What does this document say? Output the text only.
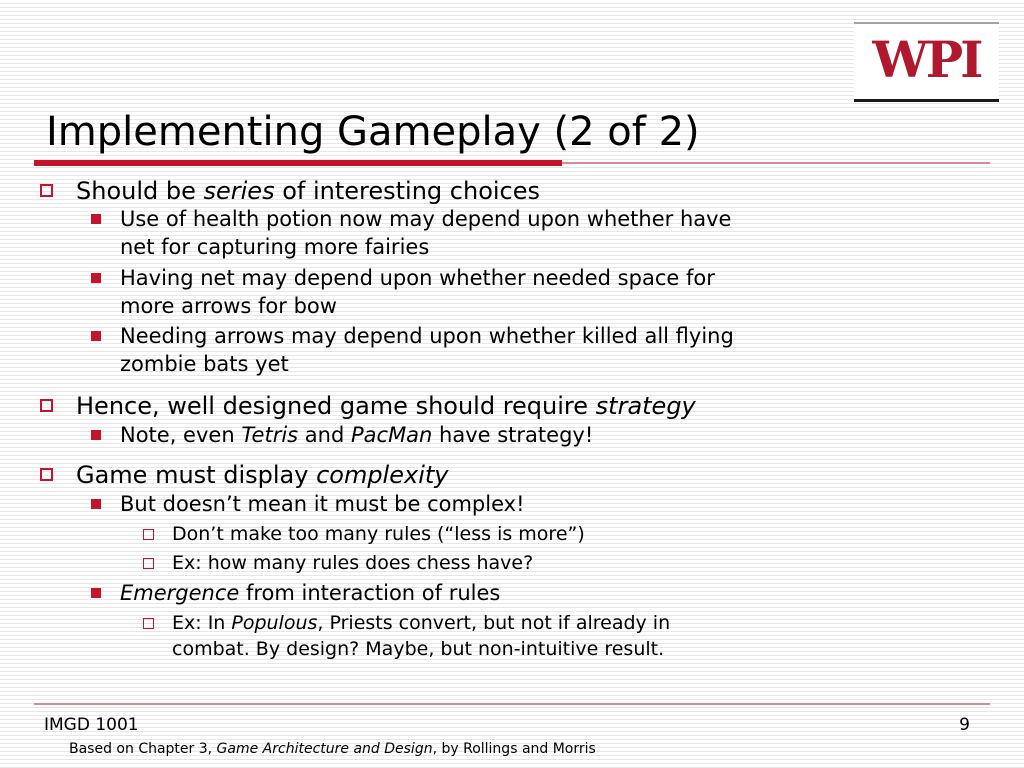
WPI
Implementing Gameplay (2 of 2)
Should be series of interesting choices
Use of health potion now may depend upon whether have
net for capturing more fairies
Having net may depend upon whether needed space for
more arrows for bow
Needing arrows may depend upon whether killed all flying
zombie bats yet
Hence, well designed game should require strategy
Note, even Tetris and PacMan have strategy!
Game must display complexity
But doesn’t mean it must be complex!
Don’t make too many rules (“less is more”)
Ex: how many rules does chess have?
Emergence from interaction of rules
Ex: In Populous, Priests convert, but not if already in
combat. By design? Maybe, but non-intuitive result.
IMGD 1001	9
Based on Chapter 3, Game Architecture and Design, by Rollings and Morris
